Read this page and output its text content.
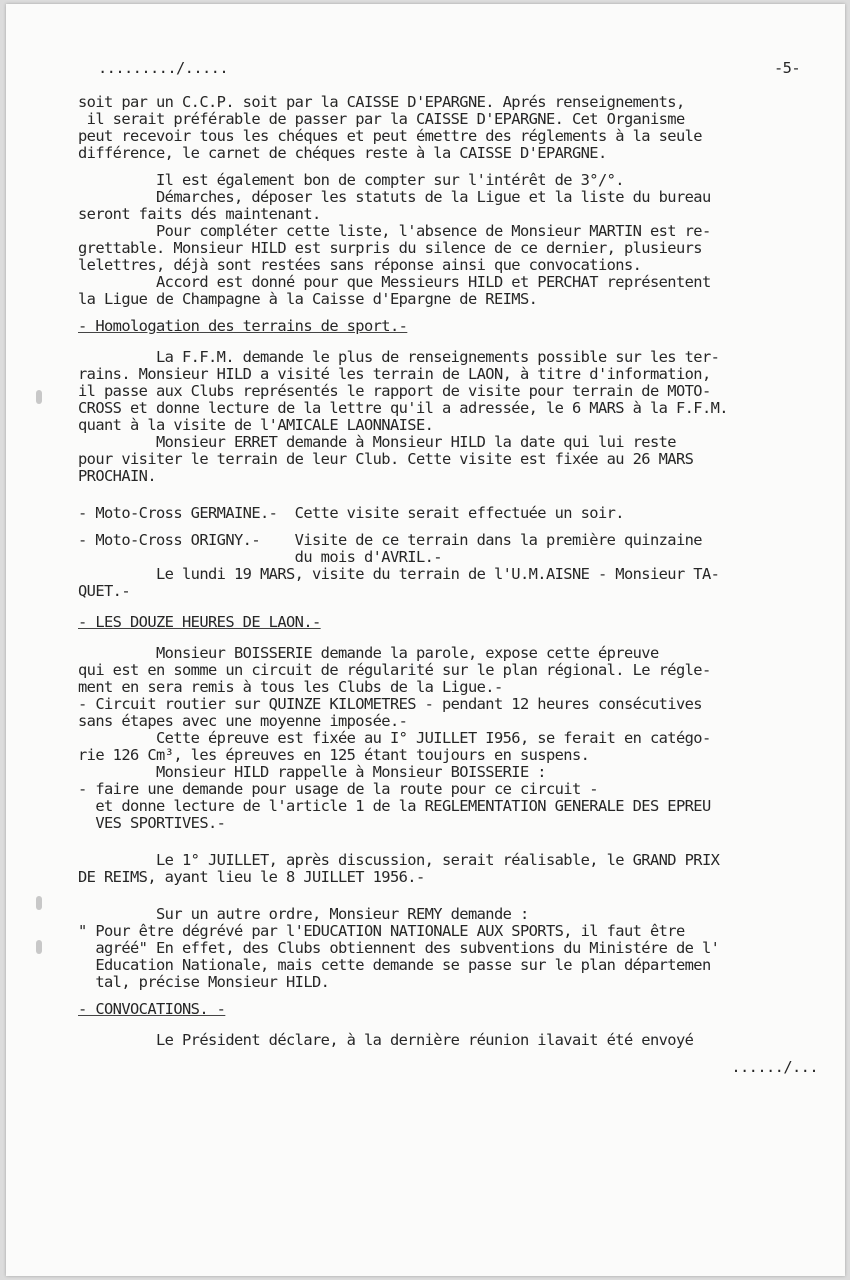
........./.....	-5-
soit par un C.C.P. soit par la CAISSE D'EPARGNE. Aprés renseignements,
il serait préférable de passer par la CAISSE D'EPARGNE. Cet Organisme
peut recevoir tous les chéques et peut émettre des réglements à la seule
différence, le carnet de chéques reste à la CAISSE D'EPARGNE.
Il est également bon de compter sur l'intérêt de 3°/°.
Démarches, déposer les statuts de la Ligue et la liste du bureau
seront faits dés maintenant.
Pour compléter cette liste, l'absence de Monsieur MARTIN est re-
grettable. Monsieur HILD est surpris du silence de ce dernier, plusieurs
lelettres, déjà sont restées sans réponse ainsi que convocations.
Accord est donné pour que Messieurs HILD et PERCHAT représentent
la Ligue de Champagne à la Caisse d'Epargne de REIMS.
- Homologation des terrains de sport.-
La F.F.M. demande le plus de renseignements possible sur les ter-
rains. Monsieur HILD a visité les terrain de LAON, à titre d'information,
il passe aux Clubs représentés le rapport de visite pour terrain de MOTO-
CROSS et donne lecture de la lettre qu'il a adressée, le 6 MARS à la F.F.M.
quant à la visite de l'AMICALE LAONNAISE.
Monsieur ERRET demande à Monsieur HILD la date qui lui reste
pour visiter le terrain de leur Club. Cette visite est fixée au 26 MARS
PROCHAIN.
- Moto-Cross GERMAINE.-  Cette visite serait effectuée un soir.
- Moto-Cross ORIGNY.-    Visite de ce terrain dans la première quinzaine
du mois d'AVRIL.-
Le lundi 19 MARS, visite du terrain de l'U.M.AISNE - Monsieur TA-
QUET.-
- LES DOUZE HEURES DE LAON.-
Monsieur BOISSERIE demande la parole, expose cette épreuve
qui est en somme un circuit de régularité sur le plan régional. Le régle-
ment en sera remis à tous les Clubs de la Ligue.-
- Circuit routier sur QUINZE KILOMETRES - pendant 12 heures consécutives
sans étapes avec une moyenne imposée.-
Cette épreuve est fixée au I° JUILLET I956, se ferait en catégo-
rie 126 Cm³, les épreuves en 125 étant toujours en suspens.
Monsieur HILD rappelle à Monsieur BOISSERIE :
- faire une demande pour usage de la route pour ce circuit -
et donne lecture de l'article 1 de la REGLEMENTATION GENERALE DES EPREU
VES SPORTIVES.-
Le 1° JUILLET, après discussion, serait réalisable, le GRAND PRIX
DE REIMS, ayant lieu le 8 JUILLET 1956.-
Sur un autre ordre, Monsieur REMY demande :
" Pour être dégrévé par l'EDUCATION NATIONALE AUX SPORTS, il faut être
agréé" En effet, des Clubs obtiennent des subventions du Ministére de l'
Education Nationale, mais cette demande se passe sur le plan départemen
tal, précise Monsieur HILD.
- CONVOCATIONS. -
Le Président déclare, à la dernière réunion ilavait été envoyé
....../...
